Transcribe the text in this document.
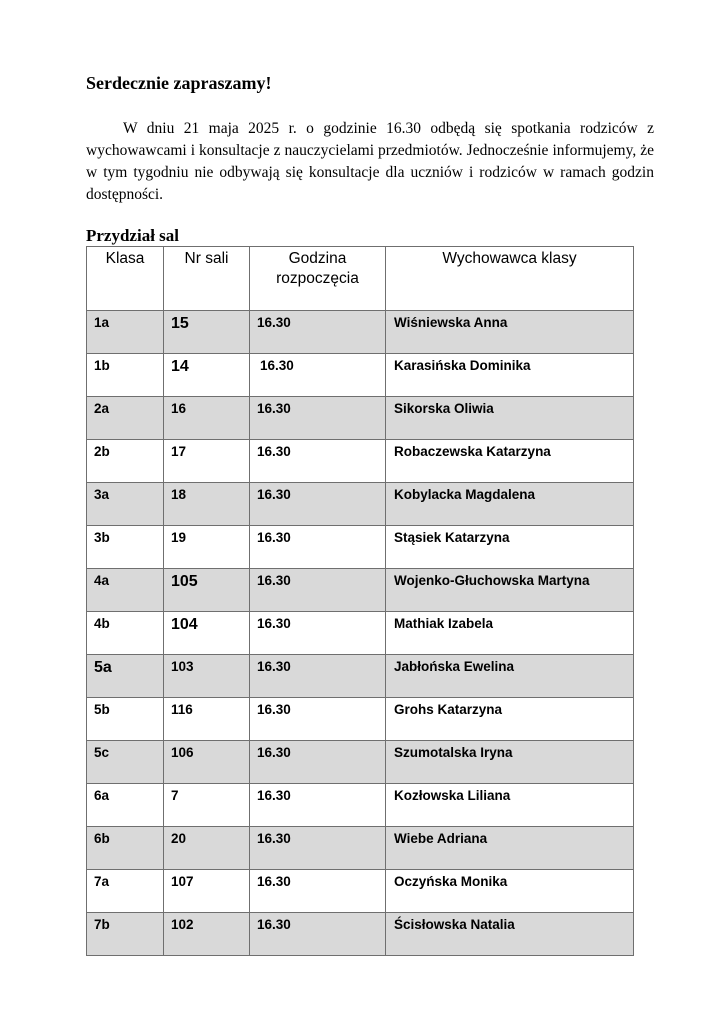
Serdecznie zapraszamy!

W dniu 21 maja 2025 r. o godzinie 16.30 odbędą się spotkania rodziców z wychowawcami i konsultacje z nauczycielami przedmiotów. Jednocześnie informujemy, że w tym tygodniu nie odbywają się konsultacje dla uczniów i rodziców w ramach godzin dostępności.

Przydział sal
Klasa	Nr sali	Godzina rozpoczęcia	Wychowawca klasy
1a	15	16.30	Wiśniewska Anna
1b	14	16.30	Karasińska Dominika
2a	16	16.30	Sikorska Oliwia
2b	17	16.30	Robaczewska Katarzyna
3a	18	16.30	Kobylacka Magdalena
3b	19	16.30	Stąsiek Katarzyna
4a	105	16.30	Wojenko-Głuchowska Martyna
4b	104	16.30	Mathiak Izabela
5a	103	16.30	Jabłońska Ewelina
5b	116	16.30	Grohs Katarzyna
5c	106	16.30	Szumotalska Iryna
6a	7	16.30	Kozłowska Liliana
6b	20	16.30	Wiebe Adriana
7a	107	16.30	Oczyńska Monika
7b	102	16.30	Ścisłowska Natalia
